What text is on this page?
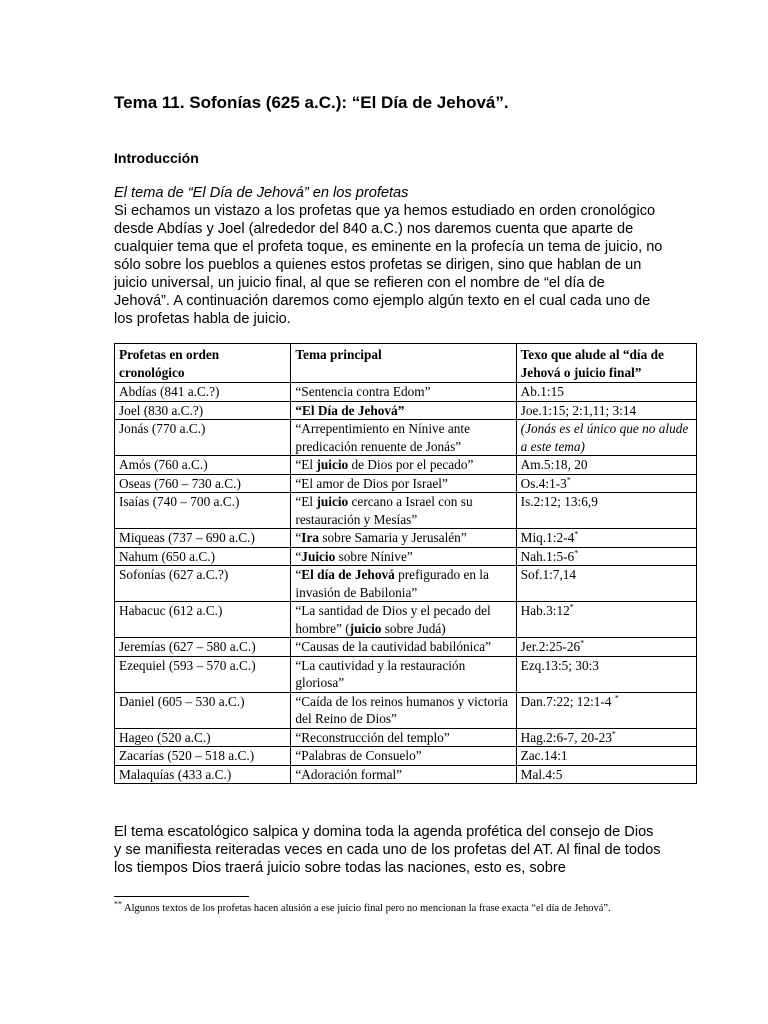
Tema 11. Sofonías (625 a.C.): “El Día de Jehová”.
Introducción

El tema de “El Día de Jehová” en los profetas

Si echamos un vistazo a los profetas que ya hemos estudiado en orden cronológico desde Abdías y Joel (alrededor del 840 a.C.) nos daremos cuenta que aparte de cualquier tema que el profeta toque, es eminente en la profecía un tema de juicio, no sólo sobre los pueblos a quienes estos profetas se dirigen, sino que hablan de un juicio universal, un juicio final, al que se refieren con el nombre de “el día de Jehová”. A continuación daremos como ejemplo algún texto en el cual cada uno de los profetas habla de juicio.

Profetas en orden cronológico	Tema principal	Texo que alude al “día de Jehová o juicio final”
Abdías (841 a.C.?)	“Sentencia contra Edom”	Ab.1:15
Joel (830 a.C.?)	“El Día de Jehová”	Joe.1:15; 2:1,11; 3:14
Jonás (770 a.C.)	“Arrepentimiento en Nínive ante predicación renuente de Jonás”	(Jonás es el único que no alude a este tema)
Amós (760 a.C.)	“El juicio de Dios por el pecado”	Am.5:18, 20
Oseas (760 – 730 a.C.)	“El amor de Dios por Israel”	Os.4:1-3*
Isaías (740 – 700 a.C.)	“El juicio cercano a Israel con su restauración y Mesías”	Is.2:12; 13:6,9
Miqueas (737 – 690 a.C.)	“Ira sobre Samaria y Jerusalén”	Miq.1:2-4*
Nahum (650 a.C.)	“Juicio sobre Nínive”	Nah.1:5-6*
Sofonías (627 a.C.?)	“El día de Jehová prefigurado en la invasión de Babilonia”	Sof.1:7,14
Habacuc (612 a.C.)	“La santidad de Dios y el pecado del hombre” (juicio sobre Judá)	Hab.3:12*
Jeremías (627 – 580 a.C.)	“Causas de la cautividad babilónica”	Jer.2:25-26*
Ezequiel (593 – 570 a.C.)	“La cautividad y la restauración gloriosa”	Ezq.13:5; 30:3
Daniel (605 – 530 a.C.)	“Caída de los reinos humanos y victoria del Reino de Dios”	Dan.7:22; 12:1-4 *
Hageo (520 a.C.)	“Reconstrucción del templo”	Hag.2:6-7, 20-23*
Zacarías (520 – 518 a.C.)	“Palabras de Consuelo”	Zac.14:1
Malaquías (433 a.C.)	“Adoración formal”	Mal.4:5

El tema escatológico salpica y domina toda la agenda profética del consejo de Dios y se manifiesta reiteradas veces en cada uno de los profetas del AT. Al final de todos los tiempos Dios traerá juicio sobre todas las naciones, esto es, sobre

** Algunos textos de los profetas hacen alusión a ese juicio final pero no mencionan la frase exacta “el día de Jehová”.
